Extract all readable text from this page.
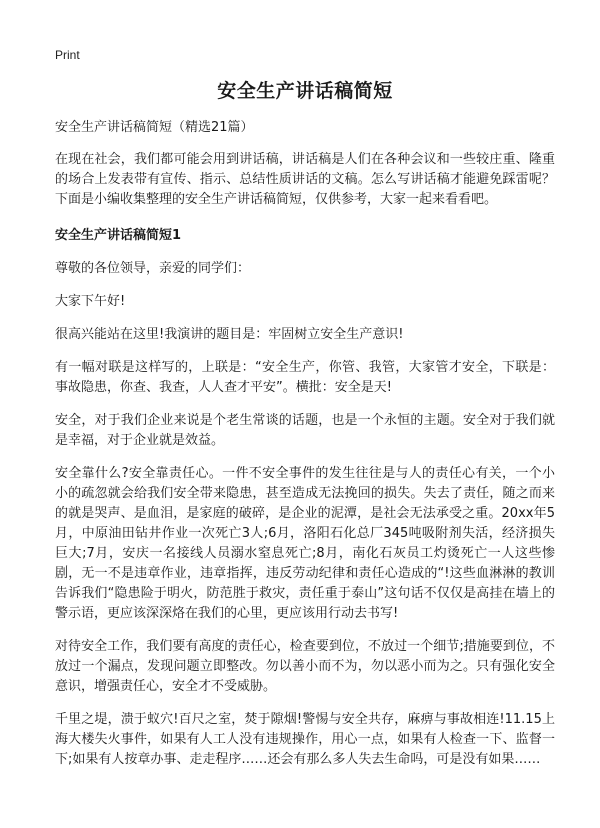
Print
安全生产讲话稿简短

安全生产讲话稿简短（精选21篇）

在现在社会，我们都可能会用到讲话稿，讲话稿是人们在各种会议和一些较庄重、隆重的场合上发表带有宣传、指示、总结性质讲话的文稿。怎么写讲话稿才能避免踩雷呢？下面是小编收集整理的安全生产讲话稿简短，仅供参考，大家一起来看看吧。

安全生产讲话稿简短1

尊敬的各位领导，亲爱的同学们：

大家下午好!

很高兴能站在这里!我演讲的题目是：牢固树立安全生产意识!

有一幅对联是这样写的，上联是：“安全生产，你管、我管，大家管才安全，下联是：事故隐患，你查、我查，人人查才平安”。横批：安全是天!

安全，对于我们企业来说是个老生常谈的话题，也是一个永恒的主题。安全对于我们就是幸福，对于企业就是效益。

安全靠什么?安全靠责任心。一件不安全事件的发生往往是与人的责任心有关，一个小小的疏忽就会给我们安全带来隐患，甚至造成无法挽回的损失。失去了责任，随之而来的就是哭声、是血泪，是家庭的破碎，是企业的泥潭，是社会无法承受之重。20xx年5月，中原油田钻井作业一次死亡3人;6月，洛阳石化总厂345吨吸附剂失活，经济损失巨大;7月，安庆一名接线人员溺水窒息死亡;8月，南化石灰员工灼烫死亡一人这些惨剧，无一不是违章作业，违章指挥，违反劳动纪律和责任心造成的“!这些血淋淋的教训告诉我们“隐患险于明火，防范胜于救灾，责任重于泰山”这句话不仅仅是高挂在墙上的警示语，更应该深深烙在我们的心里，更应该用行动去书写!

对待安全工作，我们要有高度的责任心，检查要到位，不放过一个细节;措施要到位，不放过一个漏点，发现问题立即整改。勿以善小而不为，勿以恶小而为之。只有强化安全意识，增强责任心，安全才不受威胁。

千里之堤，溃于蚁穴!百尺之室，焚于隙烟!警惕与安全共存，麻痹与事故相连!11.15上海大楼失火事件，如果有人工人没有违规操作，用心一点，如果有人检查一下、监督一下;如果有人按章办事、走走程序……还会有那么多人失去生命吗，可是没有如果……
